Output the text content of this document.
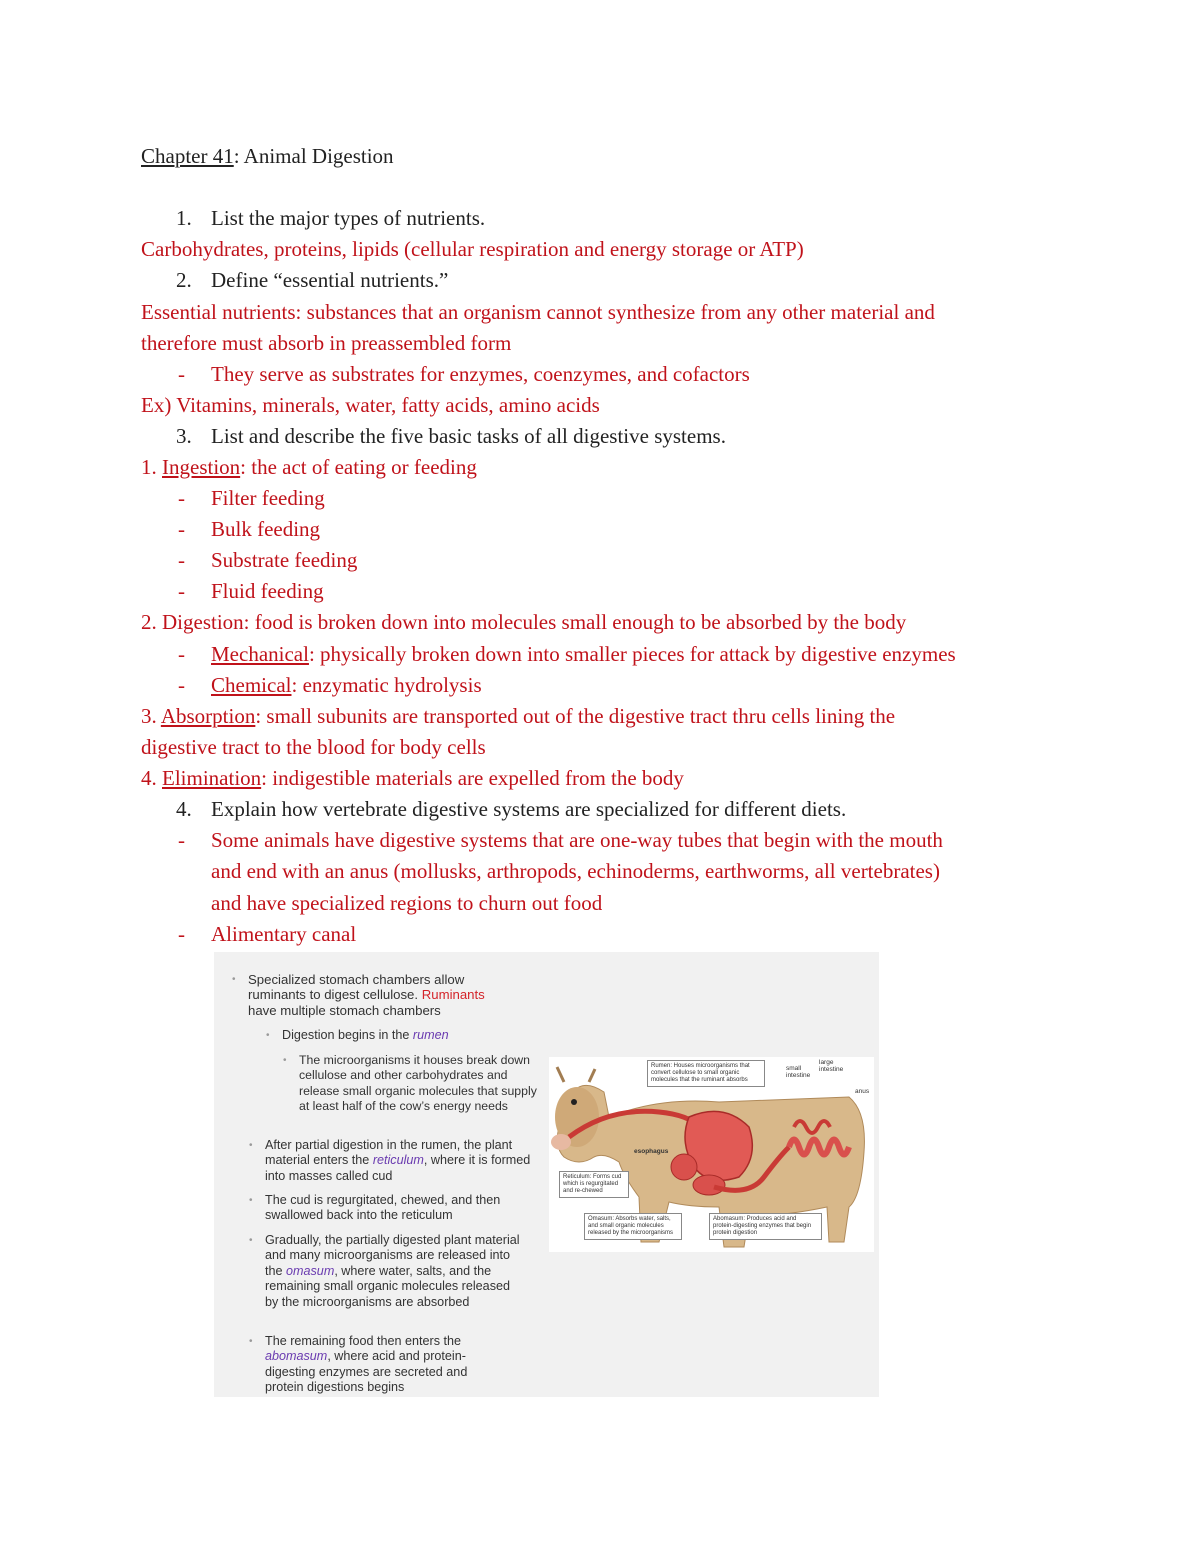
Chapter 41: Animal Digestion
1. List the major types of nutrients.
Carbohydrates, proteins, lipids (cellular respiration and energy storage or ATP)
2. Define “essential nutrients.”
Essential nutrients: substances that an organism cannot synthesize from any other material and
therefore must absorb in preassembled form
- They serve as substrates for enzymes, coenzymes, and cofactors
Ex) Vitamins, minerals, water, fatty acids, amino acids
3. List and describe the five basic tasks of all digestive systems.
1. Ingestion: the act of eating or feeding
- Filter feeding
- Bulk feeding
- Substrate feeding
- Fluid feeding
2. Digestion: food is broken down into molecules small enough to be absorbed by the body
- Mechanical: physically broken down into smaller pieces for attack by digestive enzymes
- Chemical: enzymatic hydrolysis
3. Absorption: small subunits are transported out of the digestive tract thru cells lining the
digestive tract to the blood for body cells
4. Elimination: indigestible materials are expelled from the body
4. Explain how vertebrate digestive systems are specialized for different diets.
- Some animals have digestive systems that are one-way tubes that begin with the mouth
and end with an anus (mollusks, arthropods, echinoderms, earthworms, all vertebrates)
and have specialized regions to churn out food
- Alimentary canal
• Specialized stomach chambers allow
ruminants to digest cellulose. Ruminants
have multiple stomach chambers
• Digestion begins in the rumen
• The microorganisms it houses break down cellulose and other carbohydrates and release small organic molecules that supply at least half of the cow’s energy needs
• After partial digestion in the rumen, the plant material enters the reticulum, where it is formed into masses called cud
• The cud is regurgitated, chewed, and then swallowed back into the reticulum
• Gradually, the partially digested plant material and many microorganisms are released into the omasum, where water, salts, and the remaining small organic molecules released by the microorganisms are absorbed
• The remaining food then enters the abomasum, where acid and protein-digesting enzymes are secreted and protein digestions begins
Rumen: Houses microorganisms that convert cellulose to small organic molecules that the ruminant absorbs
small intestine
large intestine
anus
esophagus
Reticulum: Forms cud which is regurgitated and re-chewed
Omasum: Absorbs water, salts, and small organic molecules released by the microorganisms
Abomasum: Produces acid and protein-digesting enzymes that begin protein digestion
